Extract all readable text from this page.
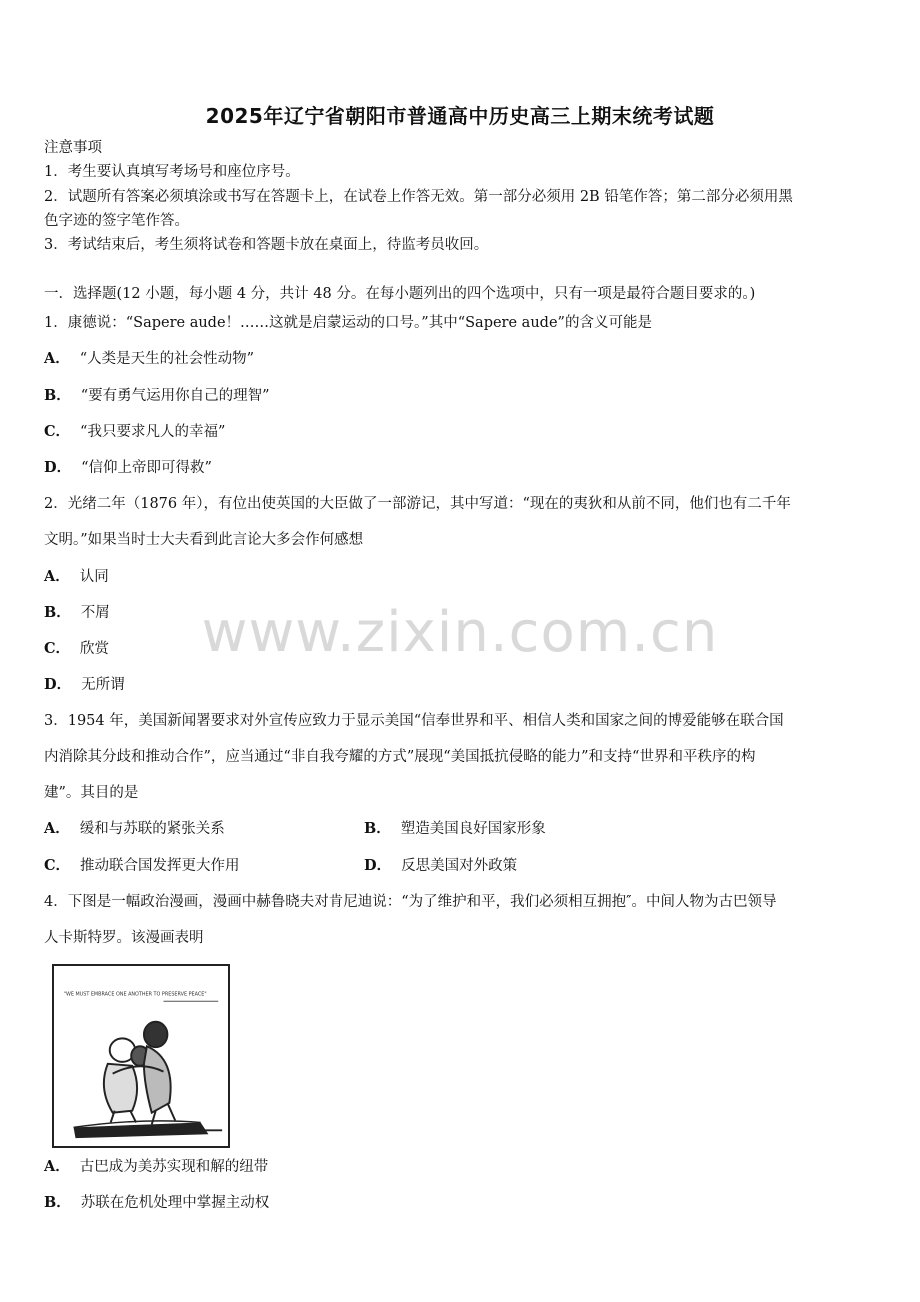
2025年辽宁省朝阳市普通高中历史高三上期末统考试题
注意事项
1．考生要认真填写考场号和座位序号。
2．试题所有答案必须填涂或书写在答题卡上，在试卷上作答无效。第一部分必须用 2B 铅笔作答；第二部分必须用黑
色字迹的签字笔作答。
3．考试结束后，考生须将试卷和答题卡放在桌面上，待监考员收回。
一．选择题(12 小题，每小题 4 分，共计 48 分。在每小题列出的四个选项中，只有一项是最符合题目要求的。)
1．康德说：“Sapere aude！……这就是启蒙运动的口号。”其中“Sapere aude”的含义可能是
A． “人类是天生的社会性动物”
B． “要有勇气运用你自己的理智”
C． “我只要求凡人的幸福”
D． “信仰上帝即可得救”
2．光绪二年（1876 年），有位出使英国的大臣做了一部游记，其中写道：“现在的夷狄和从前不同，他们也有二千年
文明。”如果当时士大夫看到此言论大多会作何感想
A． 认同
B． 不屑
C． 欣赏
D． 无所谓
3．1954 年，美国新闻署要求对外宣传应致力于显示美国“信奉世界和平、相信人类和国家之间的博爱能够在联合国
内消除其分歧和推动合作”，应当通过“非自我夸耀的方式”展现“美国抵抗侵略的能力”和支持“世界和平秩序的构
建”。其目的是
A． 缓和与苏联的紧张关系	B． 塑造美国良好国家形象
C． 推动联合国发挥更大作用	D． 反思美国对外政策
4．下图是一幅政治漫画，漫画中赫鲁晓夫对肯尼迪说：“为了维护和平，我们必须相互拥抱″。中间人物为古巴领导
人卡斯特罗。该漫画表明
"WE MUST EMBRACE ONE ANOTHER TO PRESERVE PEACE"
A． 古巴成为美苏实现和解的纽带
B． 苏联在危机处理中掌握主动权
www.zixin.com.cn
